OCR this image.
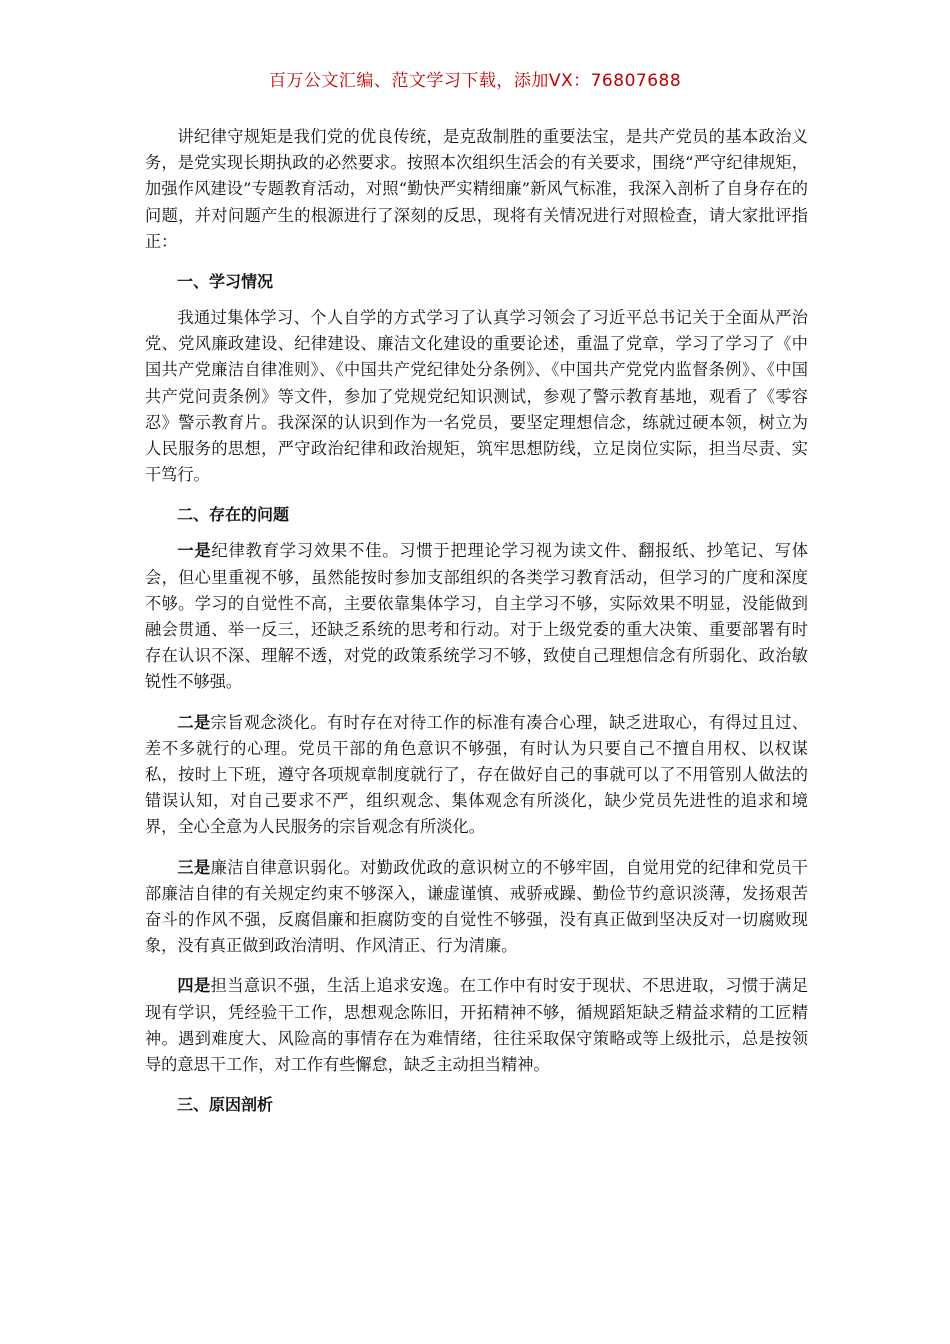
百万公文汇编、范文学习下载，添加VX：76807688

讲纪律守规矩是我们党的优良传统，是克敌制胜的重要法宝，是共产党员的基本政治义务，是党实现长期执政的必然要求。按照本次组织生活会的有关要求，围绕“严守纪律规矩，加强作风建设”专题教育活动，对照“勤快严实精细廉”新风气标准，我深入剖析了自身存在的问题，并对问题产生的根源进行了深刻的反思，现将有关情况进行对照检查，请大家批评指正：

一、学习情况

我通过集体学习、个人自学的方式学习了认真学习领会了习近平总书记关于全面从严治党、党风廉政建设、纪律建设、廉洁文化建设的重要论述，重温了党章，学习了学习了《中国共产党廉洁自律准则》、《中国共产党纪律处分条例》、《中国共产党党内监督条例》、《中国共产党问责条例》等文件，参加了党规党纪知识测试，参观了警示教育基地，观看了《零容忍》警示教育片。我深深的认识到作为一名党员，要坚定理想信念，练就过硬本领，树立为人民服务的思想，严守政治纪律和政治规矩，筑牢思想防线，立足岗位实际，担当尽责、实干笃行。

二、存在的问题

一是纪律教育学习效果不佳。习惯于把理论学习视为读文件、翻报纸、抄笔记、写体会，但心里重视不够，虽然能按时参加支部组织的各类学习教育活动，但学习的广度和深度不够。学习的自觉性不高，主要依靠集体学习，自主学习不够，实际效果不明显，没能做到融会贯通、举一反三，还缺乏系统的思考和行动。对于上级党委的重大决策、重要部署有时存在认识不深、理解不透，对党的政策系统学习不够，致使自己理想信念有所弱化、政治敏锐性不够强。

二是宗旨观念淡化。有时存在对待工作的标准有凑合心理，缺乏进取心，有得过且过、差不多就行的心理。党员干部的角色意识不够强，有时认为只要自己不擅自用权、以权谋私，按时上下班，遵守各项规章制度就行了，存在做好自己的事就可以了不用管别人做法的错误认知，对自己要求不严，组织观念、集体观念有所淡化，缺少党员先进性的追求和境界，全心全意为人民服务的宗旨观念有所淡化。

三是廉洁自律意识弱化。对勤政优政的意识树立的不够牢固，自觉用党的纪律和党员干部廉洁自律的有关规定约束不够深入，谦虚谨慎、戒骄戒躁、勤俭节约意识淡薄，发扬艰苦奋斗的作风不强，反腐倡廉和拒腐防变的自觉性不够强，没有真正做到坚决反对一切腐败现象，没有真正做到政治清明、作风清正、行为清廉。

四是担当意识不强，生活上追求安逸。在工作中有时安于现状、不思进取，习惯于满足现有学识，凭经验干工作，思想观念陈旧，开拓精神不够，循规蹈矩缺乏精益求精的工匠精神。遇到难度大、风险高的事情存在为难情绪，往往采取保守策略或等上级批示，总是按领导的意思干工作，对工作有些懈怠，缺乏主动担当精神。

三、原因剖析
